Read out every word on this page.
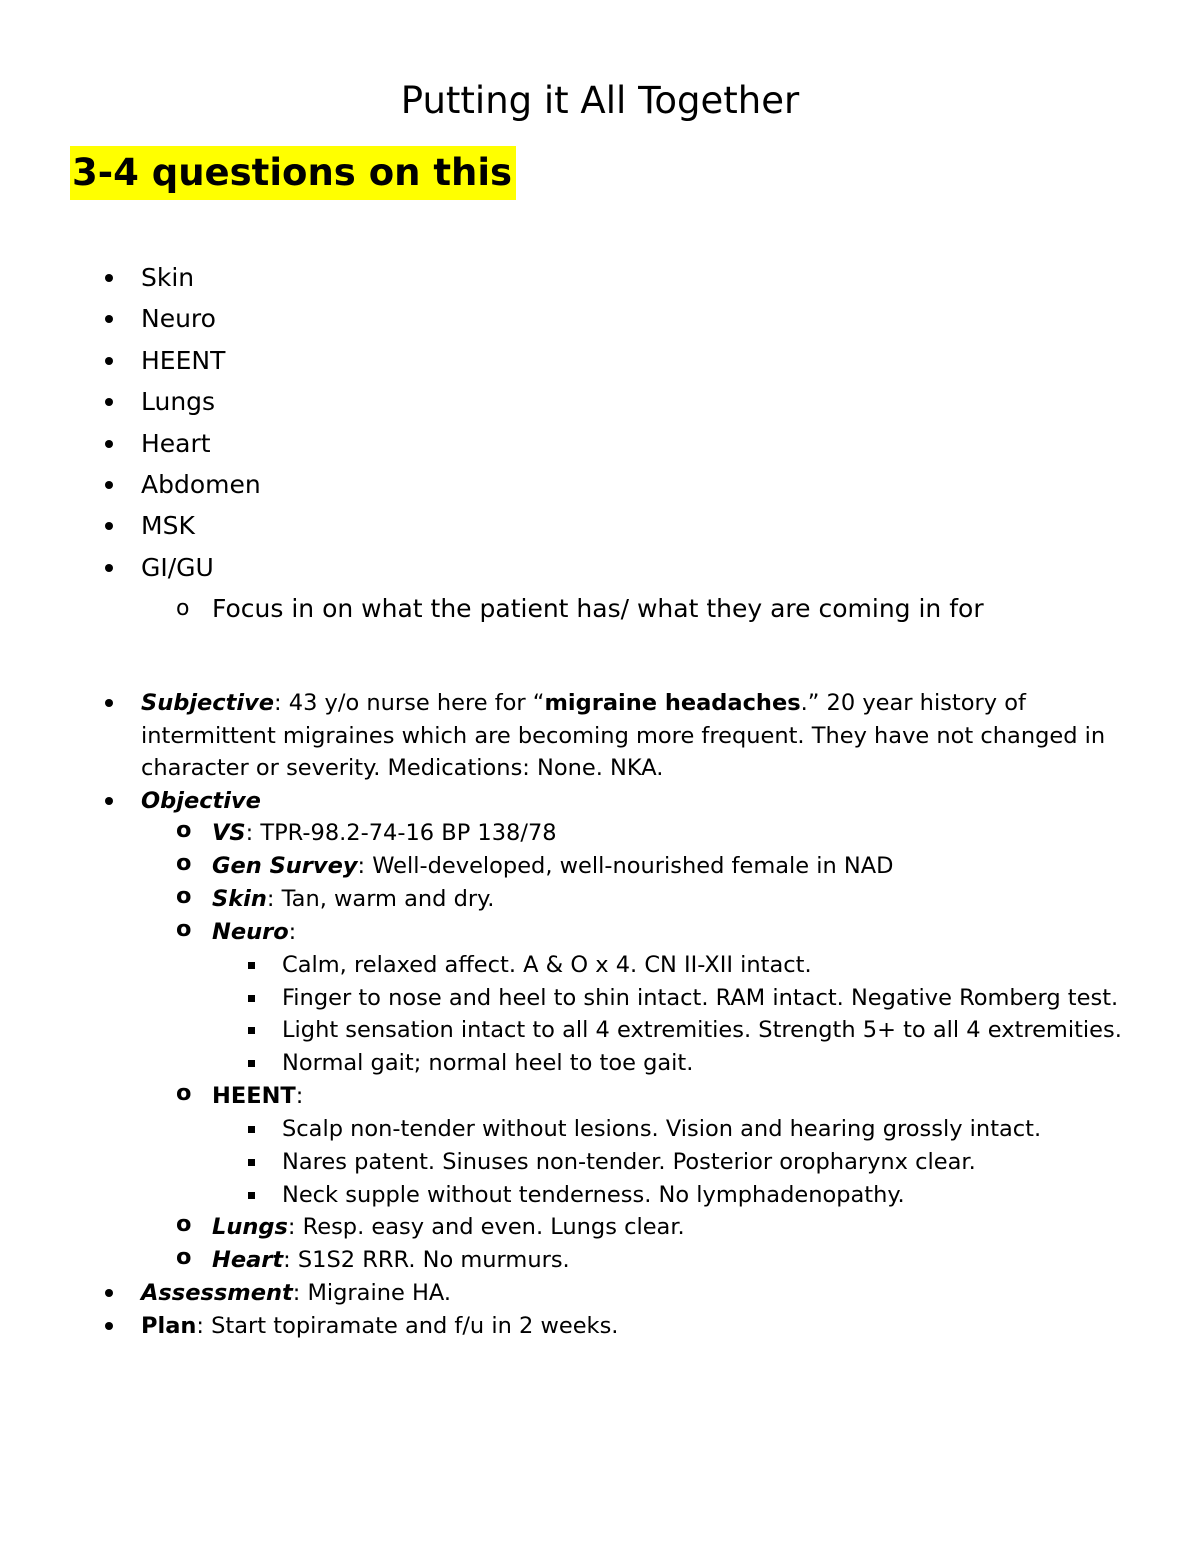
Putting it All Together
3-4 questions on this
Skin
Neuro
HEENT
Lungs
Heart
Abdomen
MSK
GI/GU
o Focus in on what the patient has/ what they are coming in for
Subjective: 43 y/o nurse here for “migraine headaches.” 20 year history of
intermittent migraines which are becoming more frequent. They have not changed in
character or severity. Medications: None. NKA.
Objective
o VS: TPR-98.2-74-16 BP 138/78
o Gen Survey: Well-developed, well-nourished female in NAD
o Skin: Tan, warm and dry.
o Neuro:
Calm, relaxed affect. A & O x 4. CN II-XII intact.
Finger to nose and heel to shin intact. RAM intact. Negative Romberg test.
Light sensation intact to all 4 extremities. Strength 5+ to all 4 extremities.
Normal gait; normal heel to toe gait.
o HEENT:
Scalp non-tender without lesions. Vision and hearing grossly intact.
Nares patent. Sinuses non-tender. Posterior oropharynx clear.
Neck supple without tenderness. No lymphadenopathy.
o Lungs: Resp. easy and even. Lungs clear.
o Heart: S1S2 RRR. No murmurs.
Assessment: Migraine HA.
Plan: Start topiramate and f/u in 2 weeks.
